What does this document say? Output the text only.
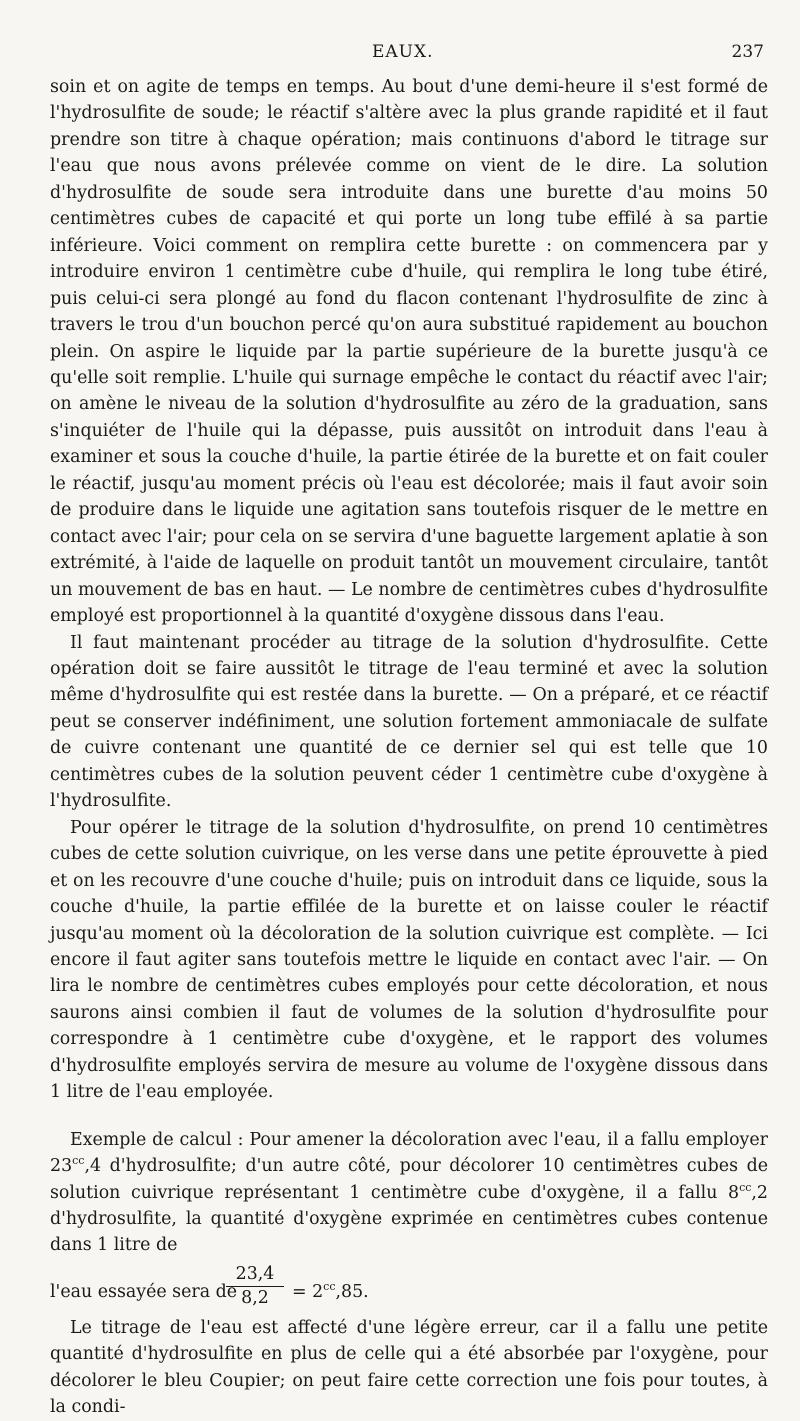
EAUX.	237

soin et on agite de temps en temps. Au bout d'une demi-heure il s'est formé de l'hydrosulfite de soude; le réactif s'altère avec la plus grande rapidité et il faut prendre son titre à chaque opération; mais continuons d'abord le titrage sur l'eau que nous avons prélevée comme on vient de le dire. La solution d'hydrosulfite de soude sera introduite dans une burette d'au moins 50 centimètres cubes de capacité et qui porte un long tube effilé à sa partie inférieure. Voici comment on remplira cette burette : on commencera par y introduire environ 1 centimètre cube d'huile, qui remplira le long tube étiré, puis celui-ci sera plongé au fond du flacon contenant l'hydrosulfite de zinc à travers le trou d'un bouchon percé qu'on aura substitué rapidement au bouchon plein. On aspire le liquide par la partie supérieure de la burette jusqu'à ce qu'elle soit remplie. L'huile qui surnage empêche le contact du réactif avec l'air; on amène le niveau de la solution d'hydrosulfite au zéro de la graduation, sans s'inquiéter de l'huile qui la dépasse, puis aussitôt on introduit dans l'eau à examiner et sous la couche d'huile, la partie étirée de la burette et on fait couler le réactif, jusqu'au moment précis où l'eau est décolorée; mais il faut avoir soin de produire dans le liquide une agitation sans toutefois risquer de le mettre en contact avec l'air; pour cela on se servira d'une baguette largement aplatie à son extrémité, à l'aide de laquelle on produit tantôt un mouvement circulaire, tantôt un mouvement de bas en haut. — Le nombre de centimètres cubes d'hydrosulfite employé est proportionnel à la quantité d'oxygène dissous dans l'eau.

Il faut maintenant procéder au titrage de la solution d'hydrosulfite. Cette opération doit se faire aussitôt le titrage de l'eau terminé et avec la solution même d'hydrosulfite qui est restée dans la burette. — On a préparé, et ce réactif peut se conserver indéfiniment, une solution fortement ammoniacale de sulfate de cuivre contenant une quantité de ce dernier sel qui est telle que 10 centimètres cubes de la solution peuvent céder 1 centimètre cube d'oxygène à l'hydrosulfite.

Pour opérer le titrage de la solution d'hydrosulfite, on prend 10 centimètres cubes de cette solution cuivrique, on les verse dans une petite éprouvette à pied et on les recouvre d'une couche d'huile; puis on introduit dans ce liquide, sous la couche d'huile, la partie effilée de la burette et on laisse couler le réactif jusqu'au moment où la décoloration de la solution cuivrique est complète. — Ici encore il faut agiter sans toutefois mettre le liquide en contact avec l'air. — On lira le nombre de centimètres cubes employés pour cette décoloration, et nous saurons ainsi combien il faut de volumes de la solution d'hydrosulfite pour correspondre à 1 centimètre cube d'oxygène, et le rapport des volumes d'hydrosulfite employés servira de mesure au volume de l'oxygène dissous dans 1 litre de l'eau employée.

Exemple de calcul : Pour amener la décoloration avec l'eau, il a fallu employer $23^{cc},4$ d'hydrosulfite; d'un autre côté, pour décolorer 10 centimètres cubes de solution cuivrique représentant 1 centimètre cube d'oxygène, il a fallu $8^{cc},2$ d'hydrosulfite, la quantité d'oxygène exprimée en centimètres cubes contenue dans 1 litre de

l'eau essayée sera de
$\frac{23,4}{8,2} = 2^{cc},85$.

Le titrage de l'eau est affecté d'une légère erreur, car il a fallu une petite quantité d'hydrosulfite en plus de celle qui a été absorbée par l'oxygène, pour décolorer le bleu Coupier; on peut faire cette correction une fois pour toutes, à la condi-
